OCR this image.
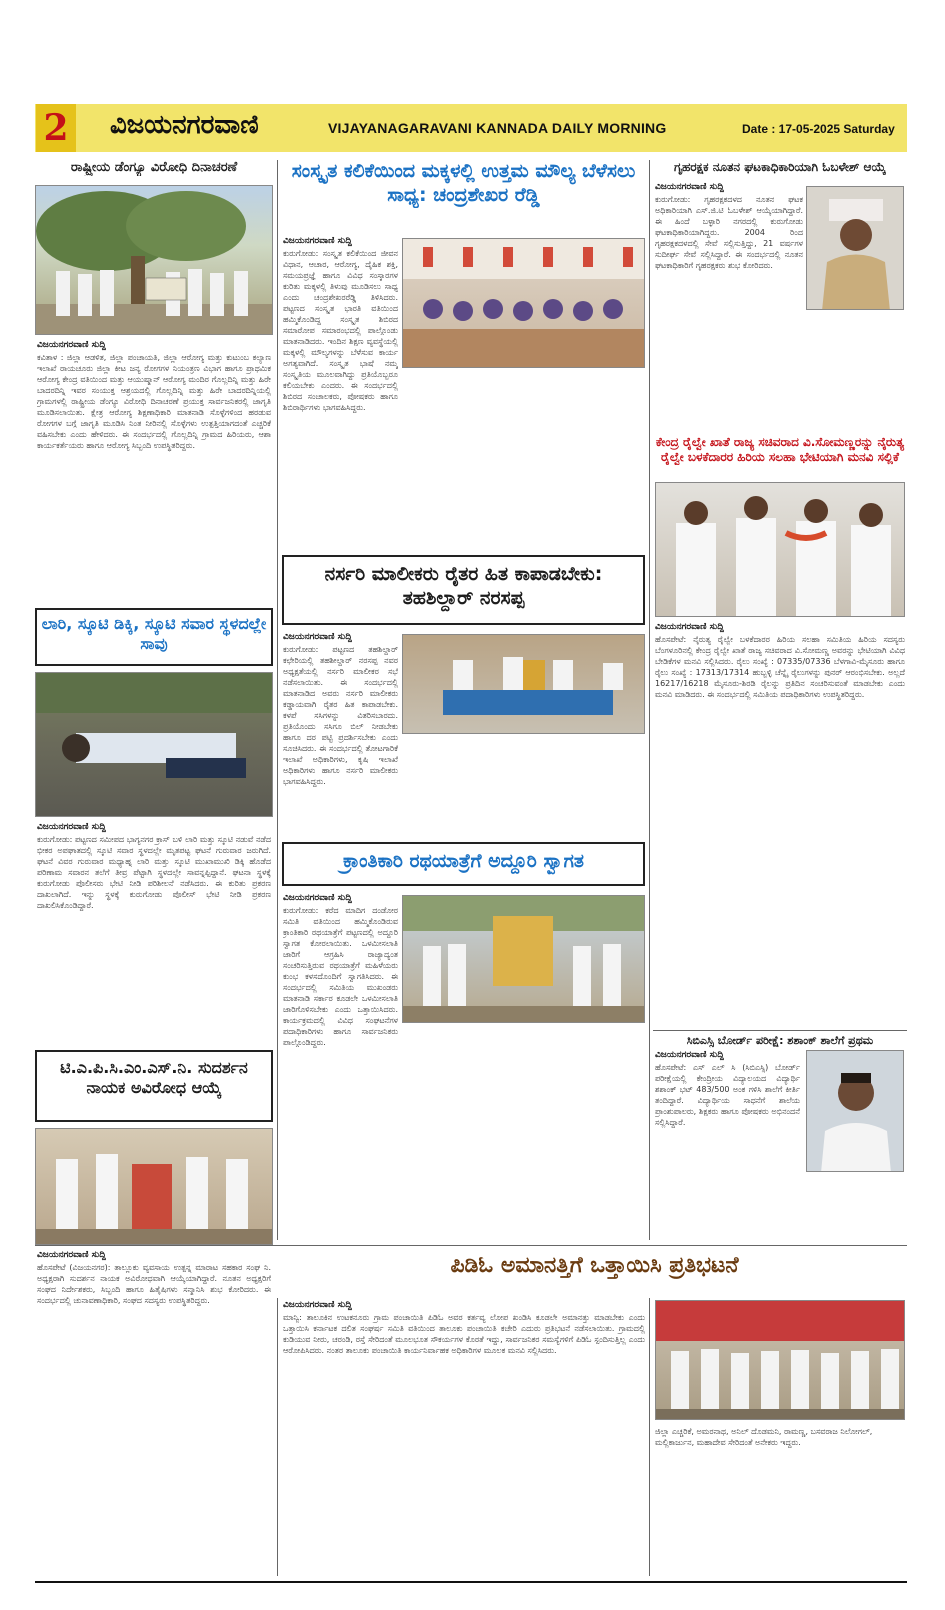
2 ವಿಜಯನಗರವಾಣಿ	VIJAYANAGARAVANI KANNADA DAILY MORNING	Date : 17-05-2025 Saturday
ರಾಷ್ಟ್ರೀಯ ಡೆಂಗ್ಯೂ ವಿರೋಧಿ ದಿನಾಚರಣೆ
ವಿಜಯನಗರವಾಣಿ ಸುದ್ದಿ
ಕವಿತಾಳ : ಜಿಲ್ಲಾ ಆಡಳಿತ, ಜಿಲ್ಲಾ ಪಂಚಾಯತಿ, ಜಿಲ್ಲಾ ಆರೋಗ್ಯ ಮತ್ತು ಕುಟುಂಬ ಕಲ್ಯಾಣ ಇಲಾಖೆ ರಾಯಚೂರು ಜಿಲ್ಲಾ ಕೀಟ ಜನ್ಯ ರೋಗಗಳ ನಿಯಂತ್ರಣ ವಿಭಾಗ ಹಾಗೂ ಪ್ರಾಥಮಿಕ ಆರೋಗ್ಯ ಕೇಂದ್ರ ವತಿಯಿಂದ ಮತ್ತು ಆಯುಷ್ಮಾನ್ ಆರೋಗ್ಯ ಮಂದಿರ ಗೊಲ್ಲದಿನ್ನಿ ಮತ್ತು ಹಿರೇ ಬಾದರದಿನ್ನಿ ಇವರ ಸಂಯುಕ್ತ ಆಶ್ರಯದಲ್ಲಿ ಗೊಲ್ಲದಿನ್ನಿ ಮತ್ತು ಹಿರೇ ಬಾದರದಿನ್ನಿಯಲ್ಲಿ ಗ್ರಾಮಗಳಲ್ಲಿ ರಾಷ್ಟ್ರೀಯ ಡೆಂಗ್ಯೂ ವಿರೋಧಿ ದಿನಾಚರಣೆ ಪ್ರಯುಕ್ತ ಸಾರ್ವಜನಿಕರಲ್ಲಿ ಜಾಗೃತಿ ಮೂಡಿಸಲಾಯಿತು. ಕ್ಷೇತ್ರ ಆರೋಗ್ಯ ಶಿಕ್ಷಣಾಧಿಕಾರಿ ಮಾತನಾಡಿ ಸೊಳ್ಳೆಗಳಿಂದ ಹರಡುವ ರೋಗಗಳ ಬಗ್ಗೆ ಜಾಗೃತಿ ಮೂಡಿಸಿ ನಿಂತ ನೀರಿನಲ್ಲಿ ಸೊಳ್ಳೆಗಳು ಉತ್ಪತ್ತಿಯಾಗದಂತೆ ಎಚ್ಚರಿಕೆ ವಹಿಸಬೇಕು ಎಂದು ಹೇಳಿದರು. ಈ ಸಂದರ್ಭದಲ್ಲಿ ಗೊಲ್ಲದಿನ್ನಿ ಗ್ರಾಮದ ಹಿರಿಯರು, ಆಶಾ ಕಾರ್ಯಕರ್ತೆಯರು ಹಾಗೂ ಆರೋಗ್ಯ ಸಿಬ್ಬಂದಿ ಉಪಸ್ಥಿತರಿದ್ದರು.
ಲಾರಿ, ಸ್ಕೂಟಿ ಡಿಕ್ಕಿ, ಸ್ಕೂಟಿ ಸವಾರ ಸ್ಥಳದಲ್ಲೇ ಸಾವು
ವಿಜಯನಗರವಾಣಿ ಸುದ್ದಿ
ಕುರುಗೋಡು: ಪಟ್ಟಣದ ಸಮೀಪದ ಭಾಗ್ಯನಗರ ಕ್ರಾಸ್ ಬಳಿ ಲಾರಿ ಮತ್ತು ಸ್ಕೂಟಿ ನಡುವೆ ನಡೆದ ಭೀಕರ ಅಪಘಾತದಲ್ಲಿ ಸ್ಕೂಟಿ ಸವಾರ ಸ್ಥಳದಲ್ಲೇ ಮೃತಪಟ್ಟ ಘಟನೆ ಗುರುವಾರ ಜರುಗಿದೆ. ಘಟನೆ ವಿವರ ಗುರುವಾರ ಮಧ್ಯಾಹ್ನ ಲಾರಿ ಮತ್ತು ಸ್ಕೂಟಿ ಮುಖಾಮುಖಿ ಡಿಕ್ಕಿ ಹೊಡೆದ ಪರಿಣಾಮ ಸವಾರನ ತಲೆಗೆ ತೀವ್ರ ಪೆಟ್ಟಾಗಿ ಸ್ಥಳದಲ್ಲೇ ಸಾವನ್ನಪ್ಪಿದ್ದಾನೆ. ಘಟನಾ ಸ್ಥಳಕ್ಕೆ ಕುರುಗೋಡು ಪೊಲೀಸರು ಭೇಟಿ ನೀಡಿ ಪರಿಶೀಲನೆ ನಡೆಸಿದರು. ಈ ಕುರಿತು ಪ್ರಕರಣ ದಾಖಲಾಗಿದೆ. ಇನ್ನು ಸ್ಥಳಕ್ಕೆ ಕುರುಗೋಡು ಪೊಲೀಸ್ ಭೇಟಿ ನೀಡಿ ಪ್ರಕರಣ ದಾಖಲಿಸಿಕೊಂಡಿದ್ದಾರೆ.
ಟಿ.ಎ.ಪಿ.ಸಿ.ಎಂ.ಎಸ್.ನಿ. ಸುದರ್ಶನ ನಾಯಕ ಅವಿರೋಧ ಆಯ್ಕೆ
ವಿಜಯನಗರವಾಣಿ ಸುದ್ದಿ
ಹೊಸಪೇಟೆ (ವಿಜಯನಗರ): ತಾಲ್ಲೂಕು ವ್ಯವಸಾಯ ಉತ್ಪನ್ನ ಮಾರಾಟ ಸಹಕಾರ ಸಂಘ ನಿ. ಅಧ್ಯಕ್ಷರಾಗಿ ಸುದರ್ಶನ ನಾಯಕ ಅವಿರೋಧವಾಗಿ ಆಯ್ಕೆಯಾಗಿದ್ದಾರೆ. ನೂತನ ಅಧ್ಯಕ್ಷರಿಗೆ ಸಂಘದ ನಿರ್ದೇಶಕರು, ಸಿಬ್ಬಂದಿ ಹಾಗೂ ಹಿತೈಷಿಗಳು ಸನ್ಮಾನಿಸಿ ಶುಭ ಕೋರಿದರು. ಈ ಸಂದರ್ಭದಲ್ಲಿ ಚುನಾವಣಾಧಿಕಾರಿ, ಸಂಘದ ಸದಸ್ಯರು ಉಪಸ್ಥಿತರಿದ್ದರು.
ಸಂಸ್ಕೃತ ಕಲಿಕೆಯಿಂದ ಮಕ್ಕಳಲ್ಲಿ ಉತ್ತಮ ಮೌಲ್ಯ ಬೆಳೆಸಲು ಸಾಧ್ಯ: ಚಂದ್ರಶೇಖರ ರೆಡ್ಡಿ
ವಿಜಯನಗರವಾಣಿ ಸುದ್ದಿ
ಕುರುಗೋಡು: ಸಂಸ್ಕೃತ ಕಲಿಕೆಯಿಂದ ಜೀವನ ವಿಧಾನ, ಆಚಾರ, ಆರೋಗ್ಯ, ದೈಹಿಕ ಶಕ್ತಿ, ಸಮಯಪ್ರಜ್ಞೆ ಹಾಗೂ ವಿವಿಧ ಸಂಸ್ಕಾರಗಳ ಕುರಿತು ಮಕ್ಕಳಲ್ಲಿ ತಿಳುವು ಮೂಡಿಸಲು ಸಾಧ್ಯ ಎಂದು ಚಂದ್ರಶೇಖರರೆಡ್ಡಿ ತಿಳಿಸಿದರು. ಪಟ್ಟಣದ ಸಂಸ್ಕೃತ ಭಾರತಿ ವತಿಯಿಂದ ಹಮ್ಮಿಕೊಂಡಿದ್ದ ಸಂಸ್ಕೃತ ಶಿಬಿರದ ಸಮಾರೋಪ ಸಮಾರಂಭದಲ್ಲಿ ಪಾಲ್ಗೊಂಡು ಮಾತನಾಡಿದರು. ಇಂದಿನ ಶಿಕ್ಷಣ ವ್ಯವಸ್ಥೆಯಲ್ಲಿ ಮಕ್ಕಳಲ್ಲಿ ಮೌಲ್ಯಗಳನ್ನು ಬೆಳೆಸುವ ಕಾರ್ಯ ಅಗತ್ಯವಾಗಿದೆ. ಸಂಸ್ಕೃತ ಭಾಷೆ ನಮ್ಮ ಸಂಸ್ಕೃತಿಯ ಮೂಲವಾಗಿದ್ದು ಪ್ರತಿಯೊಬ್ಬರೂ ಕಲಿಯಬೇಕು ಎಂದರು. ಈ ಸಂದರ್ಭದಲ್ಲಿ ಶಿಬಿರದ ಸಂಚಾಲಕರು, ಪೋಷಕರು ಹಾಗೂ ಶಿಬಿರಾರ್ಥಿಗಳು ಭಾಗವಹಿಸಿದ್ದರು.
ನರ್ಸರಿ ಮಾಲೀಕರು ರೈತರ ಹಿತ ಕಾಪಾಡಬೇಕು: ತಹಶಿಲ್ದಾರ್ ನರಸಪ್ಪ
ವಿಜಯನಗರವಾಣಿ ಸುದ್ದಿ
ಕುರುಗೋಡು: ಪಟ್ಟಣದ ತಹಶಿಲ್ದಾರ್ ಕಛೇರಿಯಲ್ಲಿ ತಹಶೀಲ್ದಾರ್ ನರಸಪ್ಪ ನವರ ಅಧ್ಯಕ್ಷತೆಯಲ್ಲಿ ನರ್ಸರಿ ಮಾಲೀಕರ ಸಭೆ ನಡೆಸಲಾಯಿತು. ಈ ಸಂದರ್ಭದಲ್ಲಿ ಮಾತನಾಡಿದ ಅವರು ನರ್ಸರಿ ಮಾಲೀಕರು ಕಡ್ಡಾಯವಾಗಿ ರೈತರ ಹಿತ ಕಾಪಾಡಬೇಕು. ಕಳಪೆ ಸಸಿಗಳನ್ನು ವಿತರಿಸಬಾರದು. ಪ್ರತಿಯೊಂದು ಸಸಿಗೂ ಬಿಲ್ ನೀಡಬೇಕು ಹಾಗೂ ದರ ಪಟ್ಟಿ ಪ್ರದರ್ಶಿಸಬೇಕು ಎಂದು ಸೂಚಿಸಿದರು. ಈ ಸಂದರ್ಭದಲ್ಲಿ ತೋಟಗಾರಿಕೆ ಇಲಾಖೆ ಅಧಿಕಾರಿಗಳು, ಕೃಷಿ ಇಲಾಖೆ ಅಧಿಕಾರಿಗಳು ಹಾಗೂ ನರ್ಸರಿ ಮಾಲೀಕರು ಭಾಗವಹಿಸಿದ್ದರು.
ಕ್ರಾಂತಿಕಾರಿ ರಥಯಾತ್ರೆಗೆ ಅದ್ದೂರಿ ಸ್ವಾಗತ
ವಿಜಯನಗರವಾಣಿ ಸುದ್ದಿ
ಕುರುಗೋಡು: ಕರೆದ ಮಾದಿಗ ದಂಡೋರ ಸಮಿತಿ ವತಿಯಿಂದ ಹಮ್ಮಿಕೊಂಡಿರುವ ಕ್ರಾಂತಿಕಾರಿ ರಥಯಾತ್ರೆಗೆ ಪಟ್ಟಣದಲ್ಲಿ ಅದ್ದೂರಿ ಸ್ವಾಗತ ಕೋರಲಾಯಿತು. ಒಳಮೀಸಲಾತಿ ಜಾರಿಗೆ ಆಗ್ರಹಿಸಿ ರಾಜ್ಯಾದ್ಯಂತ ಸಂಚರಿಸುತ್ತಿರುವ ರಥಯಾತ್ರೆಗೆ ಮಹಿಳೆಯರು ಕುಂಭ ಕಳಸದೊಂದಿಗೆ ಸ್ವಾಗತಿಸಿದರು. ಈ ಸಂದರ್ಭದಲ್ಲಿ ಸಮಿತಿಯ ಮುಖಂಡರು ಮಾತನಾಡಿ ಸರ್ಕಾರ ಕೂಡಲೇ ಒಳಮೀಸಲಾತಿ ಜಾರಿಗೊಳಿಸಬೇಕು ಎಂದು ಒತ್ತಾಯಿಸಿದರು. ಕಾರ್ಯಕ್ರಮದಲ್ಲಿ ವಿವಿಧ ಸಂಘಟನೆಗಳ ಪದಾಧಿಕಾರಿಗಳು ಹಾಗೂ ಸಾರ್ವಜನಿಕರು ಪಾಲ್ಗೊಂಡಿದ್ದರು.
ಗೃಹರಕ್ಷಕ ನೂತನ ಘಟಕಾಧಿಕಾರಿಯಾಗಿ ಓಬಳೇಶ್ ಆಯ್ಕೆ
ವಿಜಯನಗರವಾಣಿ ಸುದ್ದಿ
ಕುರುಗೋಡು: ಗೃಹರಕ್ಷಕದಳದ ನೂತನ ಘಟಕ ಅಧಿಕಾರಿಯಾಗಿ ಎಸ್.ಜಿ.ಟಿ ಓಬಳೇಶ್ ಆಯ್ಕೆಯಾಗಿದ್ದಾರೆ. ಈ ಹಿಂದೆ ಬಳ್ಳಾರಿ ನಗರದಲ್ಲಿ ಕುರುಗೋಡು ಘಟಕಾಧಿಕಾರಿಯಾಗಿದ್ದರು. 2004 ರಿಂದ ಗೃಹರಕ್ಷಕದಳದಲ್ಲಿ ಸೇವೆ ಸಲ್ಲಿಸುತ್ತಿದ್ದು, 21 ವರ್ಷಗಳ ಸುದೀರ್ಘ ಸೇವೆ ಸಲ್ಲಿಸಿದ್ದಾರೆ. ಈ ಸಂದರ್ಭದಲ್ಲಿ ನೂತನ ಘಟಕಾಧಿಕಾರಿಗೆ ಗೃಹರಕ್ಷಕರು ಶುಭ ಕೋರಿದರು.
ಕೇಂದ್ರ ರೈಲ್ವೇ ಖಾತೆ ರಾಜ್ಯ ಸಚಿವರಾದ ವಿ.ಸೋಮಣ್ಣರನ್ನು ನೈರುತ್ಯ ರೈಲ್ವೇ ಬಳಕೆದಾರರ ಹಿರಿಯ ಸಲಹಾ ಭೇಟಿಯಾಗಿ ಮನವಿ ಸಲ್ಲಿಕೆ
ವಿಜಯನಗರವಾಣಿ ಸುದ್ದಿ
ಹೊಸಪೇಟೆ: ನೈರುತ್ಯ ರೈಲ್ವೇ ಬಳಕೆದಾರರ ಹಿರಿಯ ಸಲಹಾ ಸಮಿತಿಯ ಹಿರಿಯ ಸದಸ್ಯರು ಬೆಂಗಳೂರಿನಲ್ಲಿ ಕೇಂದ್ರ ರೈಲ್ವೇ ಖಾತೆ ರಾಜ್ಯ ಸಚಿವರಾದ ವಿ.ಸೋಮಣ್ಣ ಅವರನ್ನು ಭೇಟಿಯಾಗಿ ವಿವಿಧ ಬೇಡಿಕೆಗಳ ಮನವಿ ಸಲ್ಲಿಸಿದರು. ರೈಲು ಸಂಖ್ಯೆ : 07335/07336 ಬೆಳಗಾವಿ-ಮೈಸೂರು ಹಾಗೂ ರೈಲು ಸಂಖ್ಯೆ : 17313/17314 ಹುಬ್ಬಳ್ಳಿ ಚೆನ್ನೈ ರೈಲುಗಳನ್ನು ಪುನರ್ ಆರಂಭಿಸಬೇಕು. ಅಲ್ಲದೆ 16217/16218 ಮೈಸೂರು-ಶಿರಡಿ ರೈಲನ್ನು ಪ್ರತಿದಿನ ಸಂಚರಿಸುವಂತೆ ಮಾಡಬೇಕು ಎಂದು ಮನವಿ ಮಾಡಿದರು. ಈ ಸಂದರ್ಭದಲ್ಲಿ ಸಮಿತಿಯ ಪದಾಧಿಕಾರಿಗಳು ಉಪಸ್ಥಿತರಿದ್ದರು.
ಸಿಬಿಎಸ್ಸಿ ಬೋರ್ಡ್ ಪರೀಕ್ಷೆ: ಶಶಾಂಕ್ ಶಾಲೆಗೆ ಪ್ರಥಮ
ವಿಜಯನಗರವಾಣಿ ಸುದ್ದಿ
ಹೊಸಪೇಟೆ: ಎಸ್ ಎಲ್ ಸಿ (ಸಿಬಿಎಸ್ಸಿ) ಬೋರ್ಡ್ ಪರೀಕ್ಷೆಯಲ್ಲಿ ಕೇಂದ್ರೀಯ ವಿದ್ಯಾಲಯದ ವಿದ್ಯಾರ್ಥಿ ಶಶಾಂಕ್ ಭಟ್ 483/500 ಅಂಕ ಗಳಿಸಿ ಶಾಲೆಗೆ ಕೀರ್ತಿ ತಂದಿದ್ದಾರೆ. ವಿದ್ಯಾರ್ಥಿಯ ಸಾಧನೆಗೆ ಶಾಲೆಯ ಪ್ರಾಂಶುಪಾಲರು, ಶಿಕ್ಷಕರು ಹಾಗೂ ಪೋಷಕರು ಅಭಿನಂದನೆ ಸಲ್ಲಿಸಿದ್ದಾರೆ.
ಪಿಡಿಓ ಅಮಾನತ್ತಿಗೆ ಒತ್ತಾಯಿಸಿ ಪ್ರತಿಭಟನೆ
ವಿಜಯನಗರವಾಣಿ ಸುದ್ದಿ
ಮಾನ್ವಿ: ತಾಲೂಕಿನ ಉಟಕನೂರು ಗ್ರಾಮ ಪಂಚಾಯಿತಿ ಪಿಡಿಓ ಅವರ ಕರ್ತವ್ಯ ಲೋಪ ಖಂಡಿಸಿ ಕೂಡಲೇ ಅಮಾನತ್ತು ಮಾಡಬೇಕು ಎಂದು ಒತ್ತಾಯಿಸಿ ಕರ್ನಾಟಕ ದಲಿತ ಸಂಘರ್ಷ ಸಮಿತಿ ವತಿಯಿಂದ ತಾಲೂಕು ಪಂಚಾಯಿತಿ ಕಚೇರಿ ಎದುರು ಪ್ರತಿಭಟನೆ ನಡೆಸಲಾಯಿತು. ಗ್ರಾಮದಲ್ಲಿ ಕುಡಿಯುವ ನೀರು, ಚರಂಡಿ, ರಸ್ತೆ ಸೇರಿದಂತೆ ಮೂಲಭೂತ ಸೌಕರ್ಯಗಳ ಕೊರತೆ ಇದ್ದು, ಸಾರ್ವಜನಿಕರ ಸಮಸ್ಯೆಗಳಿಗೆ ಪಿಡಿಓ ಸ್ಪಂದಿಸುತ್ತಿಲ್ಲ ಎಂದು ಆರೋಪಿಸಿದರು. ನಂತರ ತಾಲೂಕು ಪಂಚಾಯಿತಿ ಕಾರ್ಯನಿರ್ವಾಹಕ ಅಧಿಕಾರಿಗಳ ಮೂಲಕ ಮನವಿ ಸಲ್ಲಿಸಿದರು.
ಜಿಲ್ಲಾ ಎಚ್ಚರಿಕೆ, ಅಮರನಾಥ, ಅನಿಲ್ ದೊಡಮನಿ, ರಾಮಣ್ಣ, ಬಸವರಾಜ ನಿಲೋಗಲ್, ಮಲ್ಲಿಕಾರ್ಜುನ, ಮಹಾದೇವ ಸೇರಿದಂತೆ ಅನೇಕರು ಇದ್ದರು.
